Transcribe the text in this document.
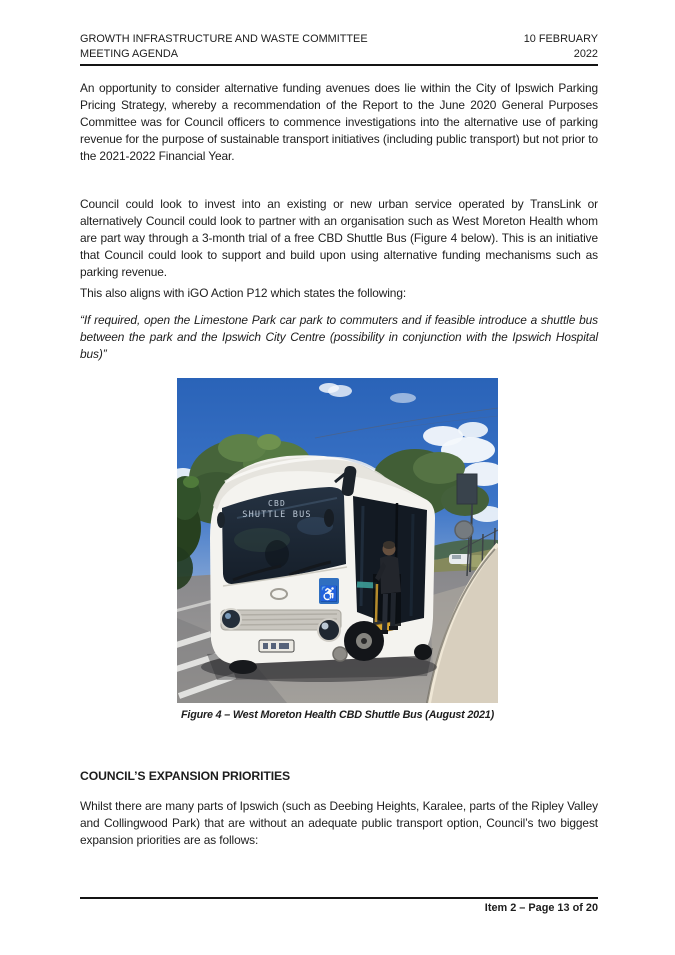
GROWTH INFRASTRUCTURE AND WASTE COMMITTEE
MEETING AGENDA
10 FEBRUARY
2022

An opportunity to consider alternative funding avenues does lie within the City of Ipswich Parking Pricing Strategy, whereby a recommendation of the Report to the June 2020 General Purposes Committee was for Council officers to commence investigations into the alternative use of parking revenue for the purpose of sustainable transport initiatives (including public transport) but not prior to the 2021-2022 Financial Year.

Council could look to invest into an existing or new urban service operated by TransLink or alternatively Council could look to partner with an organisation such as West Moreton Health whom are part way through a 3-month trial of a free CBD Shuttle Bus (Figure 4 below). This is an initiative that Council could look to support and build upon using alternative funding mechanisms such as parking revenue.

This also aligns with iGO Action P12 which states the following:

“If required, open the Limestone Park car park to commuters and if feasible introduce a shuttle bus between the park and the Ipswich City Centre (possibility in conjunction with the Ipswich Hospital bus)”

CBD
SHUTTLE BUS
♿
Figure 4 – West Moreton Health CBD Shuttle Bus (August 2021)
COUNCIL’S EXPANSION PRIORITIES

Whilst there are many parts of Ipswich (such as Deebing Heights, Karalee, parts of the Ripley Valley and Collingwood Park) that are without an adequate public transport option, Council’s two biggest expansion priorities are as follows:

Item 2 – Page 13 of 20
